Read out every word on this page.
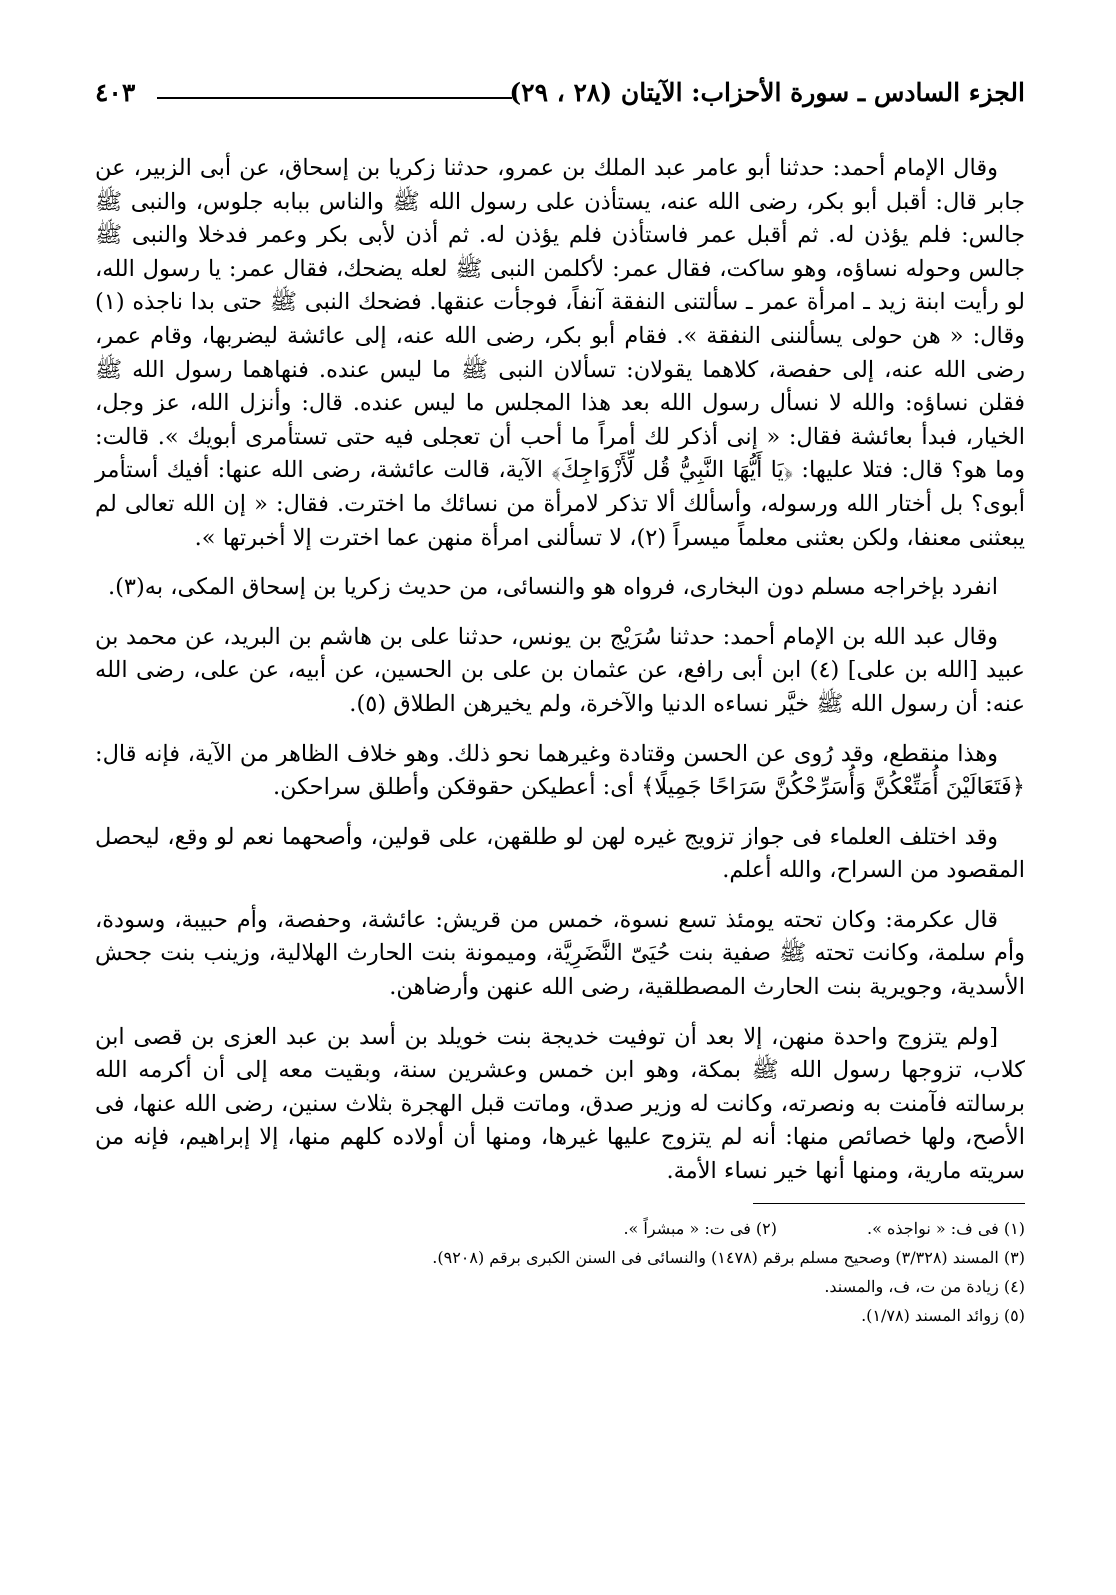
الجزء السادس ـ سورة الأحزاب: الآيتان (٢٨ ، ٢٩)
٤٠٣

وقال الإمام أحمد: حدثنا أبو عامر عبد الملك بن عمرو، حدثنا زكريا بن إسحاق، عن أبى الزبير، عن جابر قال: أقبل أبو بكر، رضى الله عنه، يستأذن على رسول الله ﷺ والناس ببابه جلوس، والنبى ﷺ جالس: فلم يؤذن له. ثم أقبل عمر فاستأذن فلم يؤذن له. ثم أذن لأبى بكر وعمر فدخلا والنبى ﷺ جالس وحوله نساؤه، وهو ساكت، فقال عمر: لأكلمن النبى ﷺ لعله يضحك، فقال عمر: يا رسول الله، لو رأيت ابنة زيد ـ امرأة عمر ـ سألتنى النفقة آنفاً، فوجأت عنقها. فضحك النبى ﷺ حتى بدا ناجذه (١) وقال: « هن حولى يسألننى النفقة ». فقام أبو بكر، رضى الله عنه، إلى عائشة ليضربها، وقام عمر، رضى الله عنه، إلى حفصة، كلاهما يقولان: تسألان النبى ﷺ ما ليس عنده. فنهاهما رسول الله ﷺ فقلن نساؤه: والله لا نسأل رسول الله بعد هذا المجلس ما ليس عنده. قال: وأنزل الله، عز وجل، الخيار، فبدأ بعائشة فقال: « إنى أذكر لك أمراً ما أحب أن تعجلى فيه حتى تستأمرى أبويك ». قالت: وما هو؟ قال: فتلا عليها: ﴿يَا أَيُّهَا النَّبِيُّ قُل لِّأَزْوَاجِكَ﴾ الآية، قالت عائشة، رضى الله عنها: أفيك أستأمر أبوى؟ بل أختار الله ورسوله، وأسألك ألا تذكر لامرأة من نسائك ما اخترت. فقال: « إن الله تعالى لم يبعثنى معنفا، ولكن بعثنى معلماً ميسراً (٢)، لا تسألنى امرأة منهن عما اخترت إلا أخبرتها ».

انفرد بإخراجه مسلم دون البخارى، فرواه هو والنسائى، من حديث زكريا بن إسحاق المكى، به(٣).

وقال عبد الله بن الإمام أحمد: حدثنا سُرَيْج بن يونس، حدثنا على بن هاشم بن البريد، عن محمد بن عبيد [الله بن على] (٤) ابن أبى رافع، عن عثمان بن على بن الحسين، عن أبيه، عن على، رضى الله عنه: أن رسول الله ﷺ خيَّر نساءه الدنيا والآخرة، ولم يخيرهن الطلاق (٥).

وهذا منقطع، وقد رُوى عن الحسن وقتادة وغيرهما نحو ذلك. وهو خلاف الظاهر من الآية، فإنه قال: ﴿فَتَعَالَيْنَ أُمَتِّعْكُنَّ وَأُسَرِّحْكُنَّ سَرَاحًا جَمِيلًا﴾ أى: أعطيكن حقوقكن وأطلق سراحكن.

وقد اختلف العلماء فى جواز تزويج غيره لهن لو طلقهن، على قولين، وأصحهما نعم لو وقع، ليحصل المقصود من السراح، والله أعلم.

قال عكرمة: وكان تحته يومئذ تسع نسوة، خمس من قريش: عائشة، وحفصة، وأم حبيبة، وسودة، وأم سلمة، وكانت تحته ﷺ صفية بنت حُيَىّ النَّضَرِيَّة، وميمونة بنت الحارث الهلالية، وزينب بنت جحش الأسدية، وجويرية بنت الحارث المصطلقية، رضى الله عنهن وأرضاهن.

[ولم يتزوج واحدة منهن، إلا بعد أن توفيت خديجة بنت خويلد بن أسد بن عبد العزى بن قصى ابن كلاب، تزوجها رسول الله ﷺ بمكة، وهو ابن خمس وعشرين سنة، وبقيت معه إلى أن أكرمه الله برسالته فآمنت به ونصرته، وكانت له وزير صدق، وماتت قبل الهجرة بثلاث سنين، رضى الله عنها، فى الأصح، ولها خصائص منها: أنه لم يتزوج عليها غيرها، ومنها أن أولاده كلهم منها، إلا إبراهيم، فإنه من سريته مارية، ومنها أنها خير نساء الأمة.

(١) فى ف: « نواجذه ».
(٢) فى ت: « مبشراً ».
(٣) المسند (٣/٣٢٨) وصحيح مسلم برقم (١٤٧٨) والنسائى فى السنن الكبرى برقم (٩٢٠٨).
(٤) زيادة من ت، ف، والمسند.
(٥) زوائد المسند (١/٧٨).
